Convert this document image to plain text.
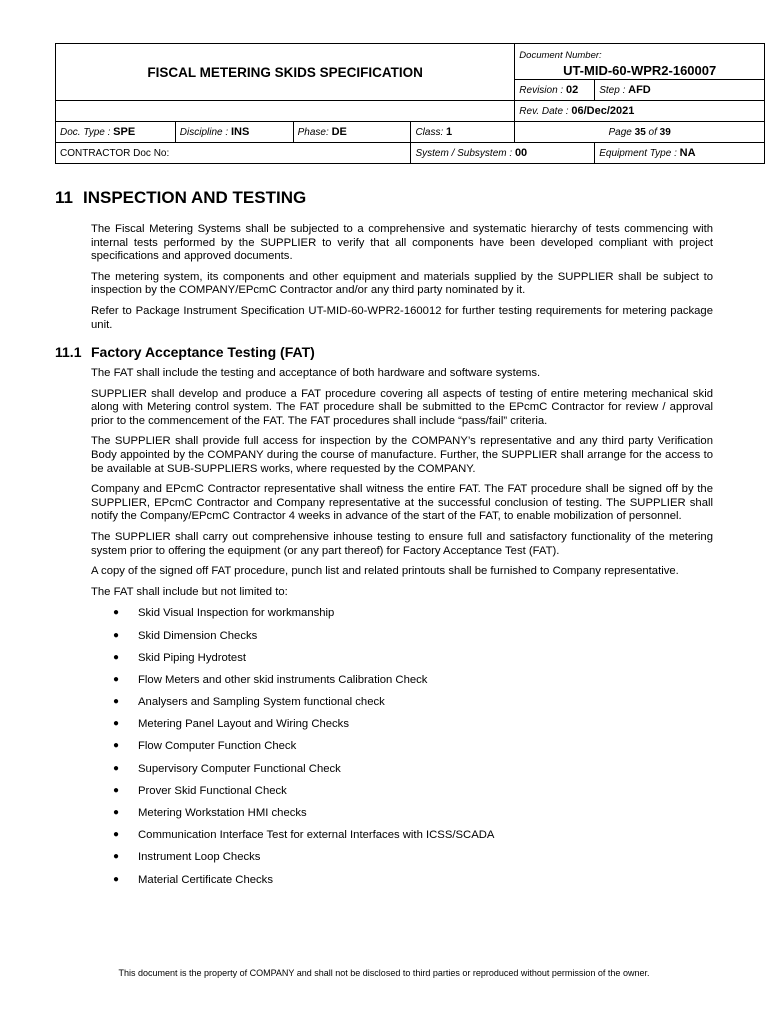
FISCAL METERING SKIDS SPECIFICATION				Document Number:	
				UT-MID-60-WPR2-160007	
				Revision : 02	Step : AFD
				Rev. Date : 06/Dec/2021	
Doc. Type : SPE	Discipline : INS	Phase: DE	Class: 1	Page 35 of 39	
CONTRACTOR Doc No:			System / Subsystem : 00		Equipment Type : NA
11 INSPECTION AND TESTING

The Fiscal Metering Systems shall be subjected to a comprehensive and systematic hierarchy of tests commencing with internal tests performed by the SUPPLIER to verify that all components have been developed compliant with project specifications and approved documents.

The metering system, its components and other equipment and materials supplied by the SUPPLIER shall be subject to inspection by the COMPANY/EPcmC Contractor and/or any third party nominated by it.

Refer to Package Instrument Specification UT-MID-60-WPR2-160012 for further testing requirements for metering package unit.

11.1 Factory Acceptance Testing (FAT)

The FAT shall include the testing and acceptance of both hardware and software systems.

SUPPLIER shall develop and produce a FAT procedure covering all aspects of testing of entire metering mechanical skid along with Metering control system. The FAT procedure shall be submitted to the EPcmC Contractor for review / approval prior to the commencement of the FAT. The FAT procedures shall include “pass/fail” criteria.

The SUPPLIER shall provide full access for inspection by the COMPANY’s representative and any third party Verification Body appointed by the COMPANY during the course of manufacture. Further, the SUPPLIER shall arrange for the access to be available at SUB-SUPPLIERS works, where requested by the COMPANY.

Company and EPcmC Contractor representative shall witness the entire FAT. The FAT procedure shall be signed off by the SUPPLIER, EPcmC Contractor and Company representative at the successful conclusion of testing. The SUPPLIER shall notify the Company/EPcmC Contractor 4 weeks in advance of the start of the FAT, to enable mobilization of personnel.

The SUPPLIER shall carry out comprehensive inhouse testing to ensure full and satisfactory functionality of the metering system prior to offering the equipment (or any part thereof) for Factory Acceptance Test (FAT).

A copy of the signed off FAT procedure, punch list and related printouts shall be furnished to Company representative.

The FAT shall include but not limited to:

● Skid Visual Inspection for workmanship
● Skid Dimension Checks
● Skid Piping Hydrotest
● Flow Meters and other skid instruments Calibration Check
● Analysers and Sampling System functional check
● Metering Panel Layout and Wiring Checks
● Flow Computer Function Check
● Supervisory Computer Functional Check
● Prover Skid Functional Check
● Metering Workstation HMI checks
● Communication Interface Test for external Interfaces with ICSS/SCADA
● Instrument Loop Checks
● Material Certificate Checks
This document is the property of COMPANY and shall not be disclosed to third parties or reproduced without permission of the owner.
